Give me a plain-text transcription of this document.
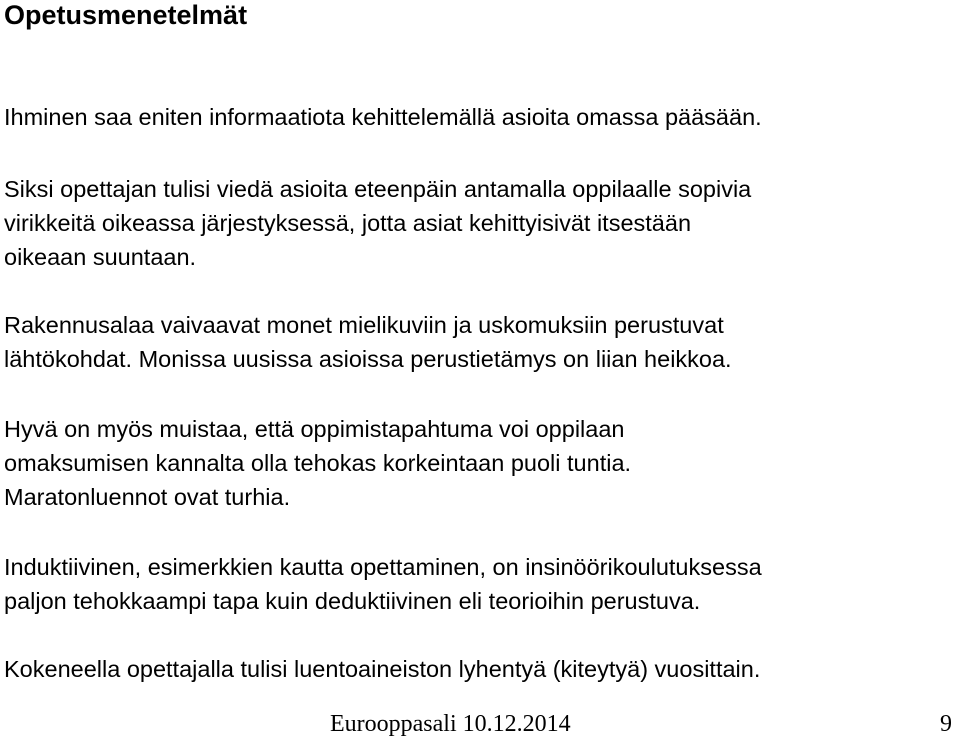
Opetusmenetelmät

Ihminen saa eniten informaatiota kehittelemällä asioita omassa pääsään.

Siksi opettajan tulisi viedä asioita eteenpäin antamalla oppilaalle sopivia
virikkeitä oikeassa järjestyksessä, jotta asiat kehittyisivät itsestään
oikeaan suuntaan.

Rakennusalaa vaivaavat monet mielikuviin ja uskomuksiin perustuvat
lähtökohdat. Monissa uusissa asioissa perustietämys on liian heikkoa.

Hyvä on myös muistaa, että oppimistapahtuma voi oppilaan
omaksumisen kannalta olla tehokas korkeintaan puoli tuntia.
Maratonluennot ovat turhia.

Induktiivinen, esimerkkien kautta opettaminen, on insinöörikoulutuksessa
paljon tehokkaampi tapa kuin deduktiivinen eli teorioihin perustuva.

Kokeneella opettajalla tulisi luentoaineiston lyhentyä (kiteytyä) vuosittain.

Eurooppasali 10.12.2014	9
